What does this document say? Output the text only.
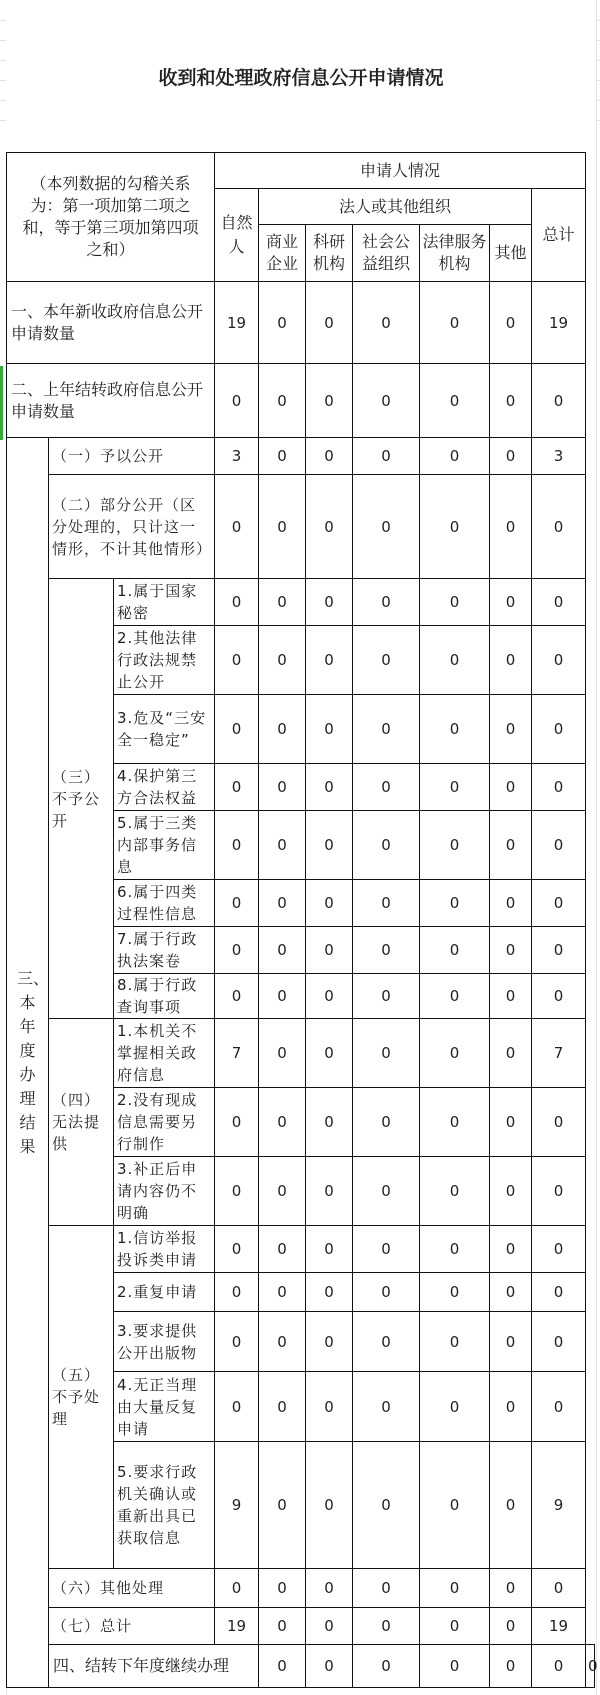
收到和处理政府信息公开申请情况
（本列数据的勾稽关系为：第一项加第二项之和，等于第三项加第四项之和）			申请人情况							
			自然人	法人或其他组织					总计	
				商业企业	科研机构	社会公益组织	法律服务机构	其他		
一、本年新收政府信息公开申请数量			19	0	0	0	0	0	19	
二、上年结转政府信息公开申请数量			0	0	0	0	0	0	0	
三、本年度办理结果	（一）予以公开		3	0	0	0	0	0	3	
	（二）部分公开（区分处理的，只计这一情形，不计其他情形）		0	0	0	0	0	0	0	
	（三）不予公开	1.属于国家秘密	0	0	0	0	0	0	0	
		2.其他法律行政法规禁止公开	0	0	0	0	0	0	0	
		3.危及“三安全一稳定”	0	0	0	0	0	0	0	
		4.保护第三方合法权益	0	0	0	0	0	0	0	
		5.属于三类内部事务信息	0	0	0	0	0	0	0	
		6.属于四类过程性信息	0	0	0	0	0	0	0	
		7.属于行政执法案卷	0	0	0	0	0	0	0	
		8.属于行政查询事项	0	0	0	0	0	0	0	
	（四）无法提供	1.本机关不掌握相关政府信息	7	0	0	0	0	0	7	
		2.没有现成信息需要另行制作	0	0	0	0	0	0	0	
		3.补正后申请内容仍不明确	0	0	0	0	0	0	0	
	（五）不予处理	1.信访举报投诉类申请	0	0	0	0	0	0	0	
		2.重复申请	0	0	0	0	0	0	0	
		3.要求提供公开出版物	0	0	0	0	0	0	0	
		4.无正当理由大量反复申请	0	0	0	0	0	0	0	
		5.要求行政机关确认或重新出具已获取信息	9	0	0	0	0	0	9	
	（六）其他处理		0	0	0	0	0	0	0	
	（七）总计		19	0	0	0	0	0	19	
	四、结转下年度继续办理			0	0	0	0	0	0	0
